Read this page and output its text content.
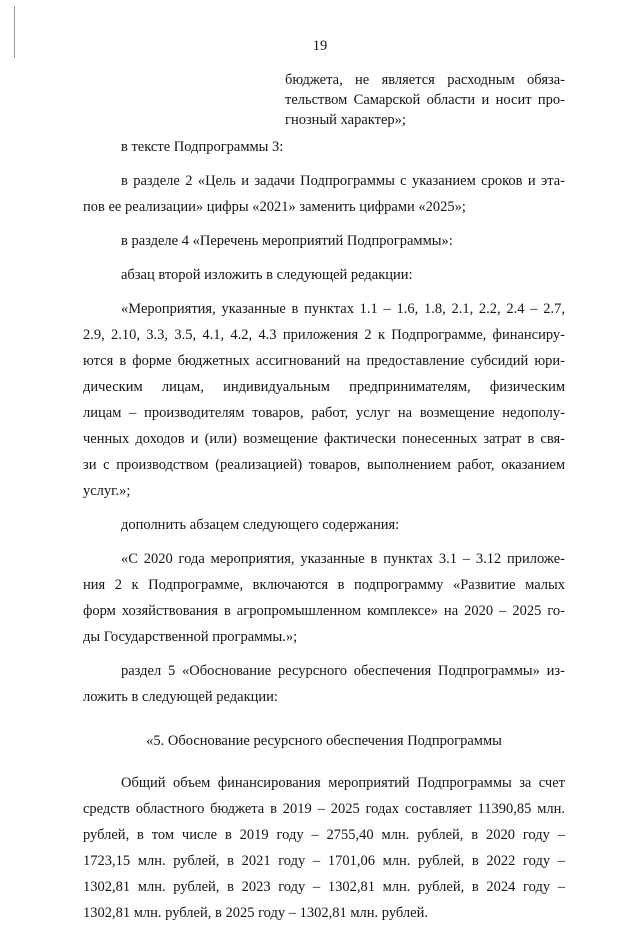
19

бюджета, не является расходным обяза-
тельством Самарской области и носит про-
гнозный характер»;

в тексте Подпрограммы 3:

в разделе 2 «Цель и задачи Подпрограммы с указанием сроков и эта-
пов ее реализации» цифры «2021» заменить цифрами «2025»;

в разделе 4 «Перечень мероприятий Подпрограммы»:

абзац второй изложить в следующей редакции:

«Мероприятия, указанные в пунктах 1.1 – 1.6, 1.8, 2.1, 2.2, 2.4 – 2.7,
2.9, 2.10, 3.3, 3.5, 4.1, 4.2, 4.3 приложения 2 к Подпрограмме, финансиру-
ются в форме бюджетных ассигнований на предоставление субсидий юри-
дическим лицам, индивидуальным предпринимателям, физическим
лицам – производителям товаров, работ, услуг на возмещение недополу-
ченных доходов и (или) возмещение фактически понесенных затрат в свя-
зи с производством (реализацией) товаров, выполнением работ, оказанием
услуг.»;

дополнить абзацем следующего содержания:

«С 2020 года мероприятия, указанные в пунктах 3.1 – 3.12 приложе-
ния 2 к Подпрограмме, включаются в подпрограмму «Развитие малых
форм хозяйствования в агропромышленном комплексе» на 2020 – 2025 го-
ды Государственной программы.»;

раздел 5 «Обоснование ресурсного обеспечения Подпрограммы» из-
ложить в следующей редакции:

«5. Обоснование ресурсного обеспечения Подпрограммы

Общий объем финансирования мероприятий Подпрограммы за счет
средств областного бюджета в 2019 – 2025 годах составляет 11390,85 млн.
рублей, в том числе в 2019 году – 2755,40 млн. рублей, в 2020 году –
1723,15 млн. рублей, в 2021 году – 1701,06 млн. рублей, в 2022 году –
1302,81 млн. рублей, в 2023 году – 1302,81 млн. рублей, в 2024 году –
1302,81 млн. рублей, в 2025 году – 1302,81 млн. рублей.
